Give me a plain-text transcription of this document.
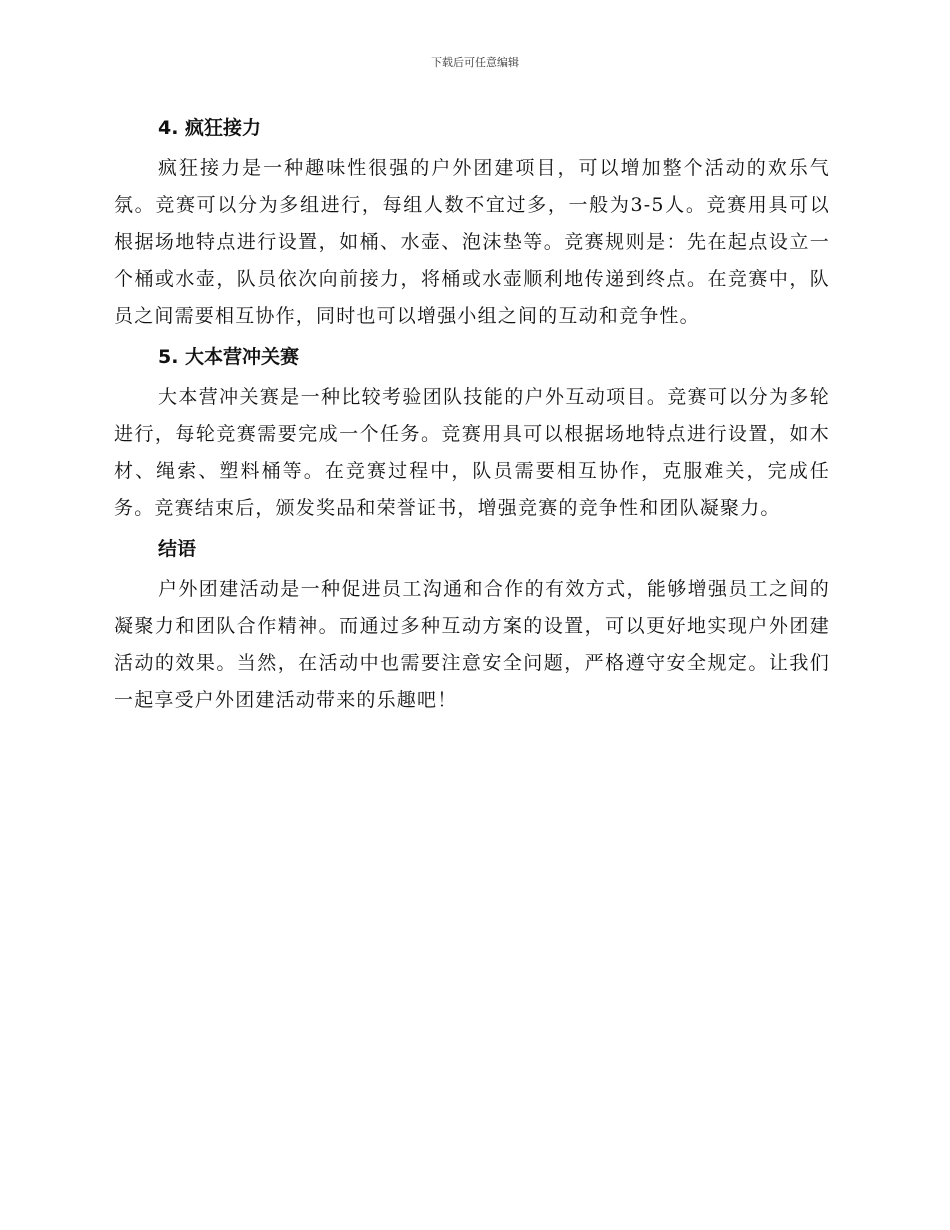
下载后可任意编辑
4. 疯狂接力

疯狂接力是一种趣味性很强的户外团建项目，可以增加整个活动的欢乐气氛。竞赛可以分为多组进行，每组人数不宜过多，一般为3-5人。竞赛用具可以根据场地特点进行设置，如桶、水壶、泡沫垫等。竞赛规则是：先在起点设立一个桶或水壶，队员依次向前接力，将桶或水壶顺利地传递到终点。在竞赛中，队员之间需要相互协作，同时也可以增强小组之间的互动和竞争性。

5. 大本营冲关赛

大本营冲关赛是一种比较考验团队技能的户外互动项目。竞赛可以分为多轮进行，每轮竞赛需要完成一个任务。竞赛用具可以根据场地特点进行设置，如木材、绳索、塑料桶等。在竞赛过程中，队员需要相互协作，克服难关，完成任务。竞赛结束后，颁发奖品和荣誉证书，增强竞赛的竞争性和团队凝聚力。

结语

户外团建活动是一种促进员工沟通和合作的有效方式，能够增强员工之间的凝聚力和团队合作精神。而通过多种互动方案的设置，可以更好地实现户外团建活动的效果。当然，在活动中也需要注意安全问题，严格遵守安全规定。让我们一起享受户外团建活动带来的乐趣吧！
